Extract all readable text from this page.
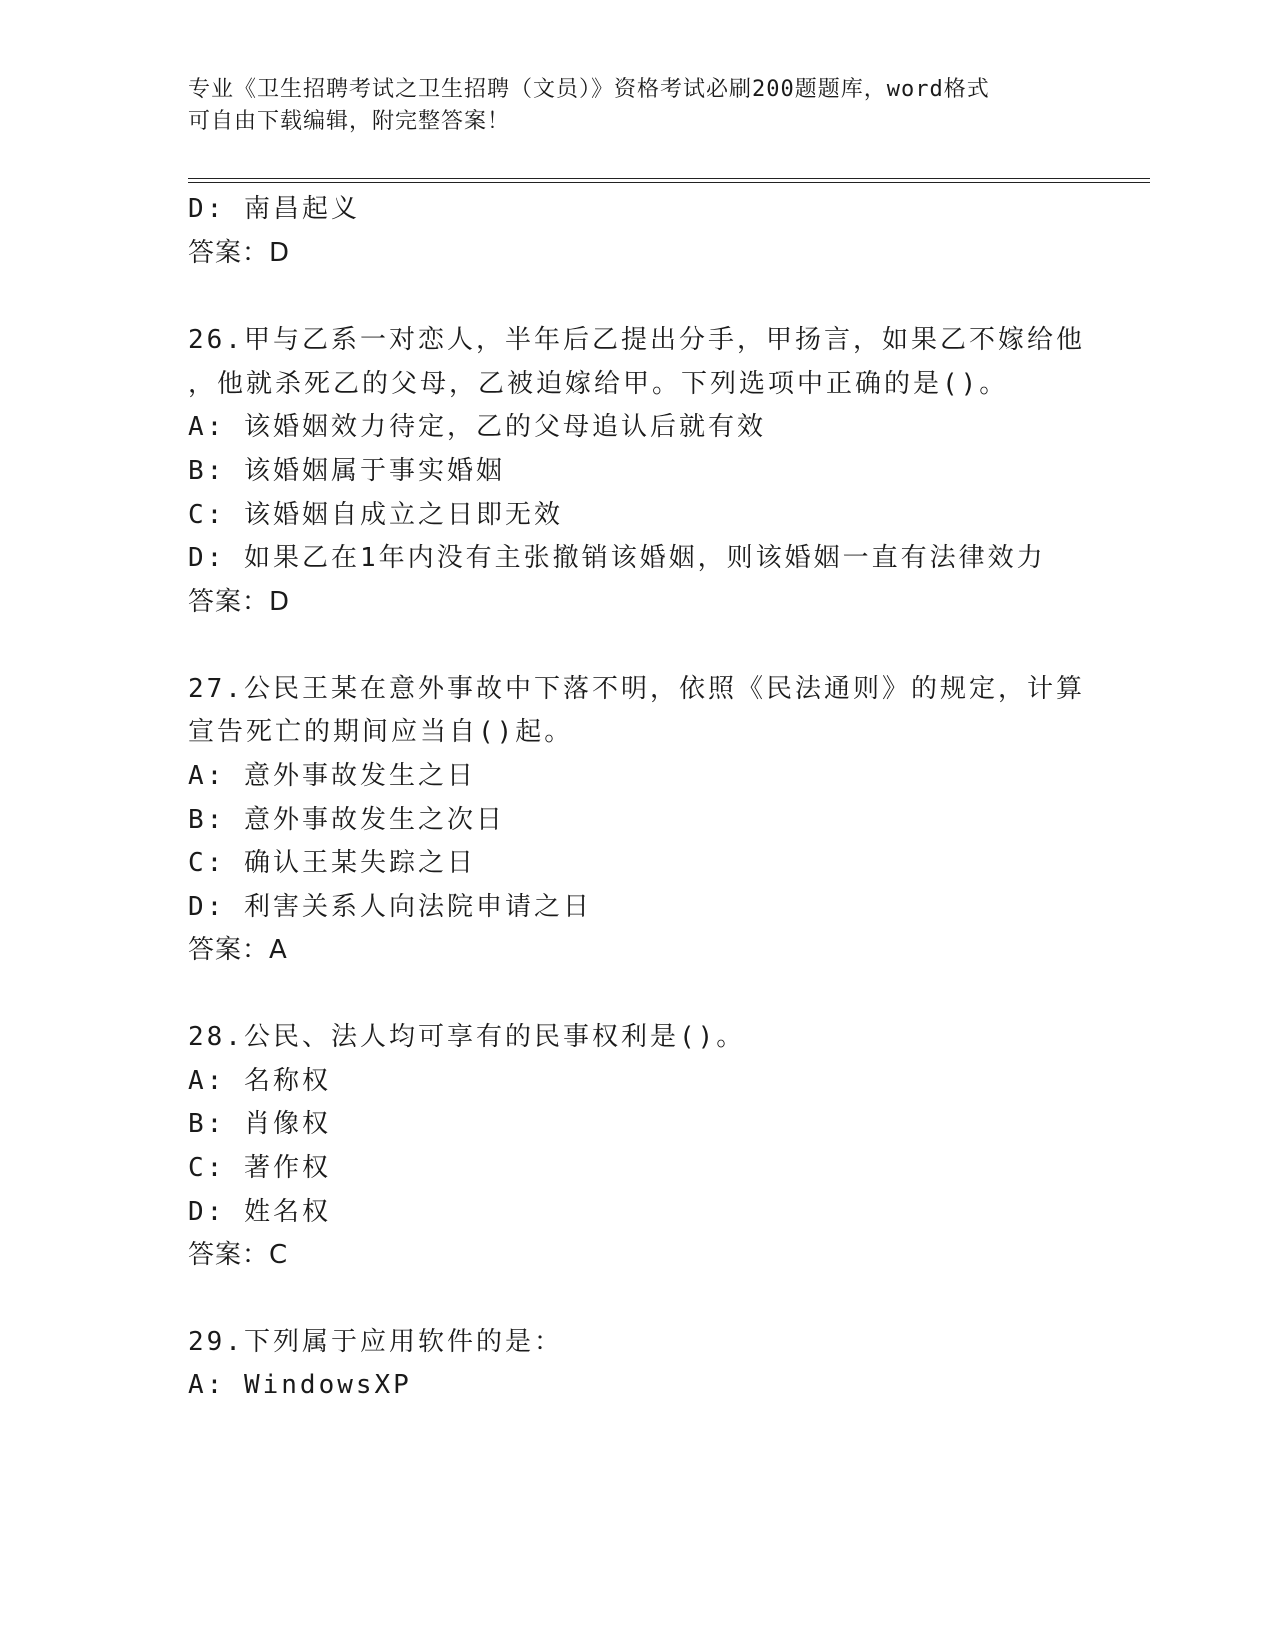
专业《卫生招聘考试之卫生招聘（文员）》资格考试必刷200题题库，word格式
可自由下载编辑，附完整答案！
D: 南昌起义
答案：D
26.甲与乙系一对恋人，半年后乙提出分手，甲扬言，如果乙不嫁给他
，他就杀死乙的父母，乙被迫嫁给甲。下列选项中正确的是()。
A: 该婚姻效力待定，乙的父母追认后就有效
B: 该婚姻属于事实婚姻
C: 该婚姻自成立之日即无效
D: 如果乙在1年内没有主张撤销该婚姻，则该婚姻一直有法律效力
答案：D
27.公民王某在意外事故中下落不明，依照《民法通则》的规定，计算
宣告死亡的期间应当自()起。
A: 意外事故发生之日
B: 意外事故发生之次日
C: 确认王某失踪之日
D: 利害关系人向法院申请之日
答案：A
28.公民、法人均可享有的民事权利是()。
A: 名称权
B: 肖像权
C: 著作权
D: 姓名权
答案：C
29.下列属于应用软件的是：
A: WindowsXP
